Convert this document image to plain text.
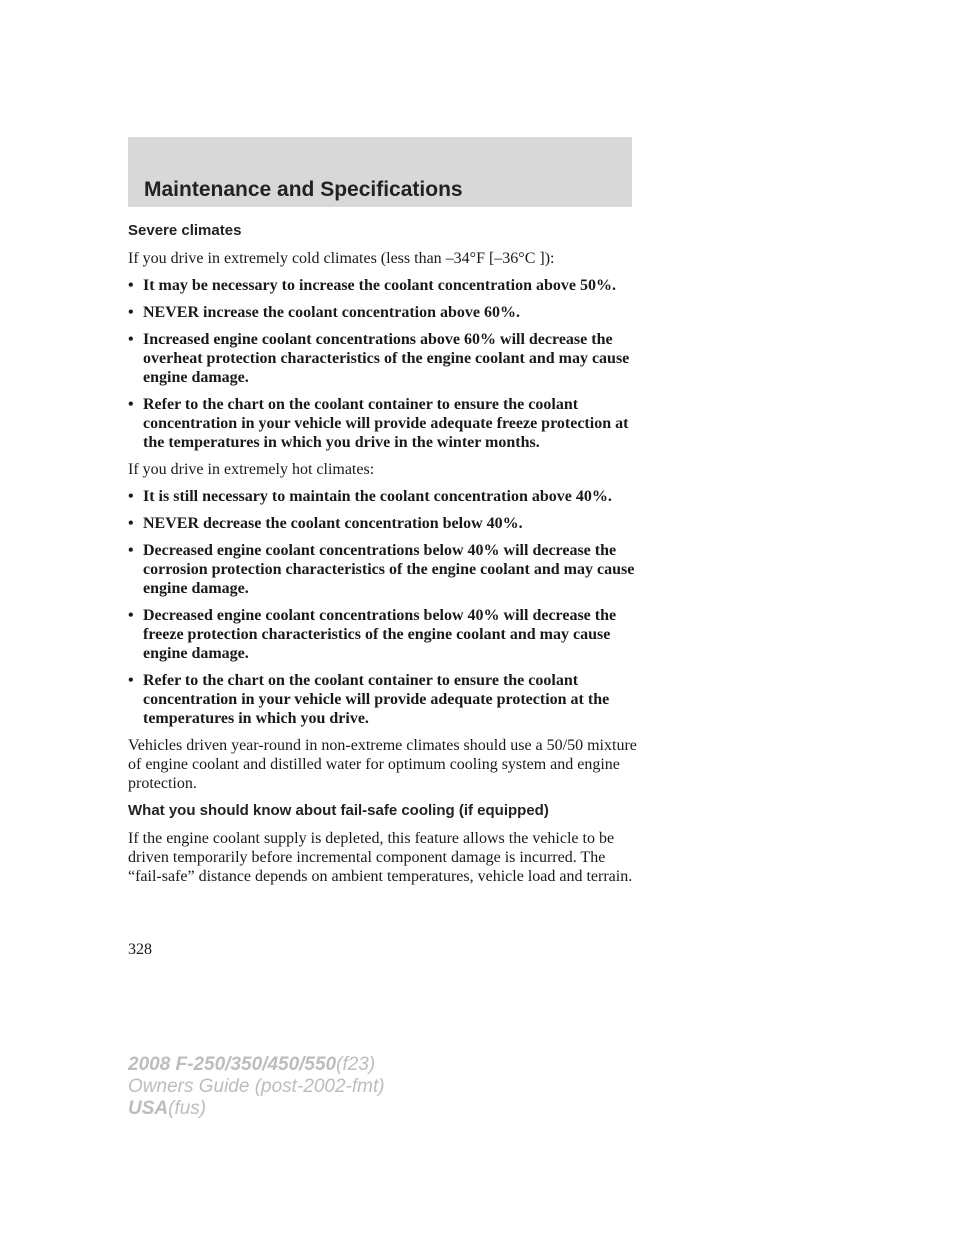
Maintenance and Specifications
Severe climates

If you drive in extremely cold climates (less than –34°F [–36°C ]):

• It may be necessary to increase the coolant concentration above 50%.
• NEVER increase the coolant concentration above 60%.
• Increased engine coolant concentrations above 60% will decrease the overheat protection characteristics of the engine coolant and may cause engine damage.
• Refer to the chart on the coolant container to ensure the coolant concentration in your vehicle will provide adequate freeze protection at the temperatures in which you drive in the winter months.

If you drive in extremely hot climates:

• It is still necessary to maintain the coolant concentration above 40%.
• NEVER decrease the coolant concentration below 40%.
• Decreased engine coolant concentrations below 40% will decrease the corrosion protection characteristics of the engine coolant and may cause engine damage.
• Decreased engine coolant concentrations below 40% will decrease the freeze protection characteristics of the engine coolant and may cause engine damage.
• Refer to the chart on the coolant container to ensure the coolant concentration in your vehicle will provide adequate protection at the temperatures in which you drive.

Vehicles driven year-round in non-extreme climates should use a 50/50 mixture of engine coolant and distilled water for optimum cooling system and engine protection.

What you should know about fail-safe cooling (if equipped)

If the engine coolant supply is depleted, this feature allows the vehicle to be driven temporarily before incremental component damage is incurred. The “fail-safe” distance depends on ambient temperatures, vehicle load and terrain.

328
2008 F-250/350/450/550(f23)
Owners Guide (post-2002-fmt)
USA(fus)
